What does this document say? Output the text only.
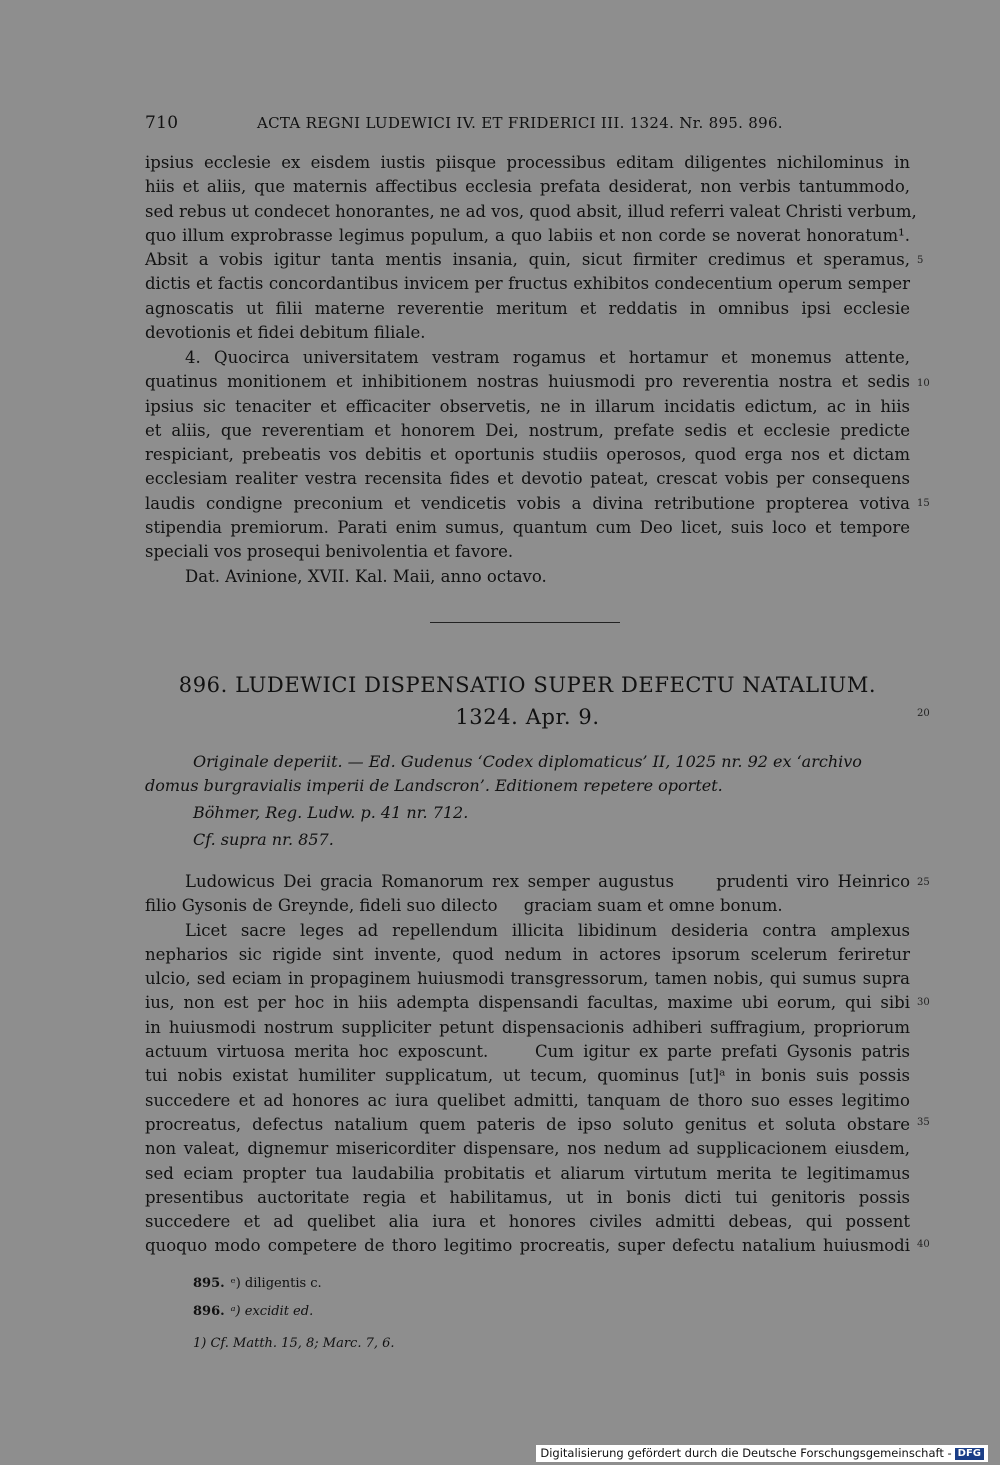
710	ACTA REGNI LUDEWICI IV. ET FRIDERICI III. 1324. Nr. 895. 896.
ipsius ecclesie ex eisdem iustis piisque processibus editam diligentes nichilominus in
hiis et aliis, que maternis affectibus ecclesia prefata desiderat, non verbis tantummodo,
sed rebus ut condecet honorantes, ne ad vos, quod absit, illud referri valeat Christi verbum,
quo illum exprobrasse legimus populum, a quo labiis et non corde se noverat honoratum¹.
Absit a vobis igitur tanta mentis insania, quin, sicut firmiter credimus et speramus,
dictis et factis concordantibus invicem per fructus exhibitos condecentium operum semper
agnoscatis ut filii materne reverentie meritum et reddatis in omnibus ipsi ecclesie
devotionis et fidei debitum filiale.
4. Quocirca universitatem vestram rogamus et hortamur et monemus attente,
quatinus monitionem et inhibitionem nostras huiusmodi pro reverentia nostra et sedis
ipsius sic tenaciter et efficaciter observetis, ne in illarum incidatis edictum, ac in hiis
et aliis, que reverentiam et honorem Dei, nostrum, prefate sedis et ecclesie predicte
respiciant, prebeatis vos debitis et oportunis studiis operosos, quod erga nos et dictam
ecclesiam realiter vestra recensita fides et devotio pateat, crescat vobis per consequens
laudis condigne preconium et vendicetis vobis a divina retributione propterea votiva
stipendia premiorum. Parati enim sumus, quantum cum Deo licet, suis loco et tempore
speciali vos prosequi benivolentia et favore.
Dat. Avinione, XVII. Kal. Maii, anno octavo.
896. LUDEWICI DISPENSATIO SUPER DEFECTU NATALIUM.
1324. Apr. 9.
Originale deperiit. — Ed. Gudenus ‘Codex diplomaticus’ II, 1025 nr. 92 ex ‘archivo
domus burgravialis imperii de Landscron’. Editionem repetere oportet.
Böhmer, Reg. Ludw. p. 41 nr. 712.
Cf. supra nr. 857.
Ludowicus Dei gracia Romanorum rex semper augustus     prudenti viro Heinrico
filio Gysonis de Greynde, fideli suo dilecto     graciam suam et omne bonum.
Licet sacre leges ad repellendum illicita libidinum desideria contra amplexus
nepharios sic rigide sint invente, quod nedum in actores ipsorum scelerum feriretur
ulcio, sed eciam in propaginem huiusmodi transgressorum, tamen nobis, qui sumus supra
ius, non est per hoc in hiis adempta dispensandi facultas, maxime ubi eorum, qui sibi
in huiusmodi nostrum suppliciter petunt dispensacionis adhiberi suffragium, propriorum
actuum virtuosa merita hoc exposcunt.     Cum igitur ex parte prefati Gysonis patris
tui nobis existat humiliter supplicatum, ut tecum, quominus [ut]ᵃ in bonis suis possis
succedere et ad honores ac iura quelibet admitti, tanquam de thoro suo esses legitimo
procreatus, defectus natalium quem pateris de ipso soluto genitus et soluta obstare
non valeat, dignemur misericorditer dispensare, nos nedum ad supplicacionem eiusdem,
sed eciam propter tua laudabilia probitatis et aliarum virtutum merita te legitimamus
presentibus auctoritate regia et habilitamus, ut in bonis dicti tui genitoris possis
succedere et ad quelibet alia iura et honores civiles admitti debeas, qui possent
quoquo modo competere de thoro legitimo procreatis, super defectu natalium huiusmodi
5
10
15
20
25
30
35
40
895. ᵉ) diligentis c.
896. ᵃ) excidit ed.
1) Cf. Matth. 15, 8; Marc. 7, 6.
Digitalisierung gefördert durch die Deutsche Forschungsgemeinschaft - DFG
